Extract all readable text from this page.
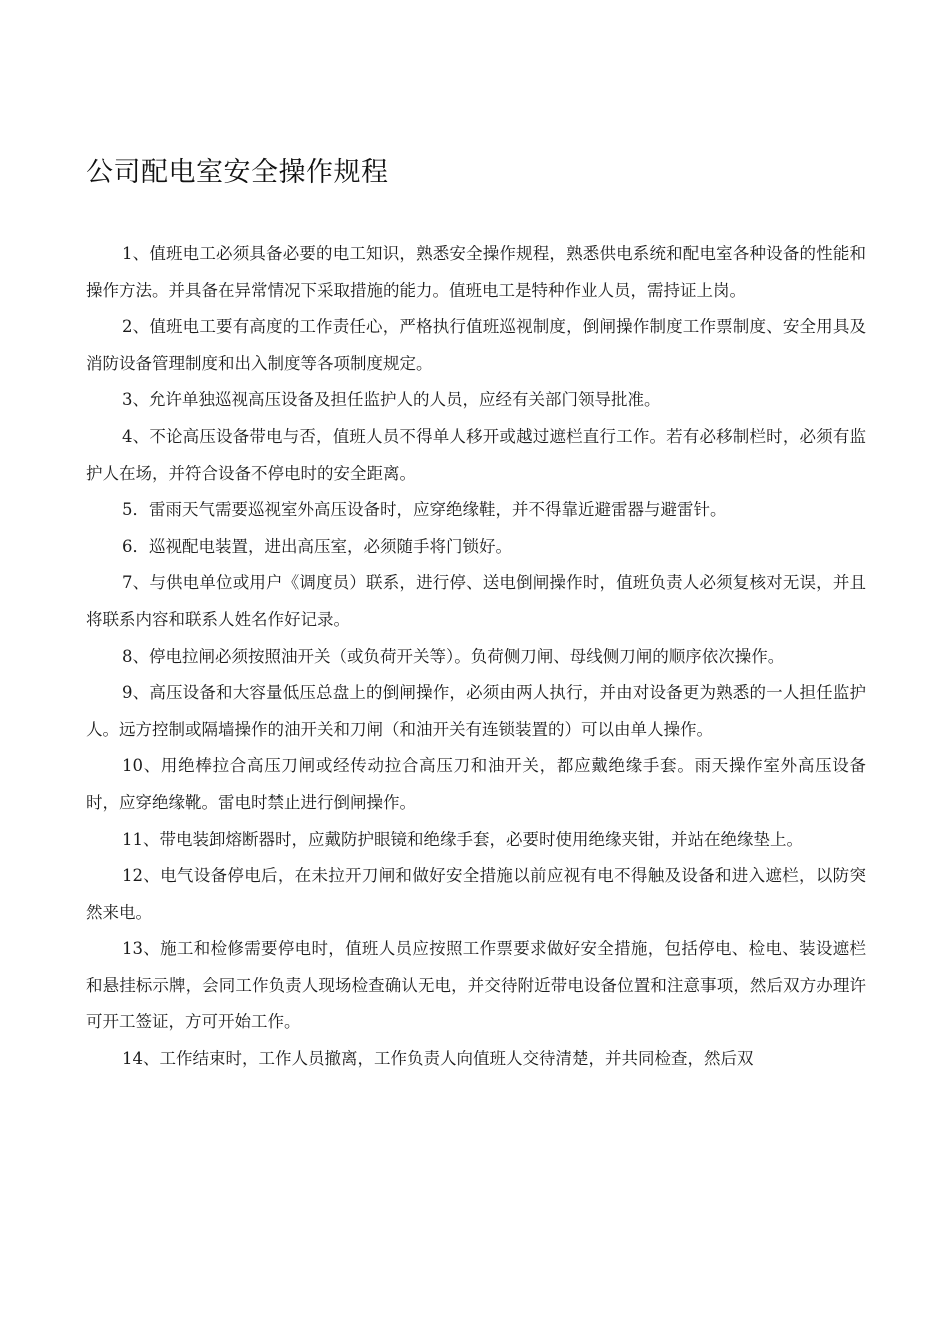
公司配电室安全操作规程

1、值班电工必须具备必要的电工知识，熟悉安全操作规程，熟悉供电系统和配电室各种设备的性能和操作方法。并具备在异常情况下采取措施的能力。值班电工是特种作业人员，需持证上岗。

2、值班电工要有高度的工作责任心，严格执行值班巡视制度，倒闸操作制度工作票制度、安全用具及消防设备管理制度和出入制度等各项制度规定。

3、允许单独巡视高压设备及担任监护人的人员，应经有关部门领导批准。

4、不论高压设备带电与否，值班人员不得单人移开或越过遮栏直行工作。若有必移制栏时，必须有监护人在场，并符合设备不停电时的安全距离。

5．雷雨天气需要巡视室外高压设备时，应穿绝缘鞋，并不得靠近避雷器与避雷针。

6．巡视配电装置，进出高压室，必须随手将门锁好。

7、与供电单位或用户《调度员）联系，进行停、送电倒闸操作时，值班负责人必须复核对无误，并且将联系内容和联系人姓名作好记录。

8、停电拉闸必须按照油开关（或负荷开关等）。负荷侧刀闸、母线侧刀闸的顺序依次操作。

9、高压设备和大容量低压总盘上的倒闸操作，必须由两人执行，并由对设备更为熟悉的一人担任监护人。远方控制或隔墙操作的油开关和刀闸（和油开关有连锁装置的）可以由单人操作。

10、用绝棒拉合高压刀闸或经传动拉合高压刀和油开关，都应戴绝缘手套。雨天操作室外高压设备时，应穿绝缘靴。雷电时禁止进行倒闸操作。

11、带电装卸熔断器时，应戴防护眼镜和绝缘手套，必要时使用绝缘夹钳，并站在绝缘垫上。

12、电气设备停电后，在未拉开刀闸和做好安全措施以前应视有电不得触及设备和进入遮栏，以防突然来电。

13、施工和检修需要停电时，值班人员应按照工作票要求做好安全措施，包括停电、检电、装设遮栏和悬挂标示牌，会同工作负责人现场检查确认无电，并交待附近带电设备位置和注意事项，然后双方办理许可开工签证，方可开始工作。

14、工作结束时，工作人员撤离，工作负责人向值班人交待清楚，并共同检查，然后双
